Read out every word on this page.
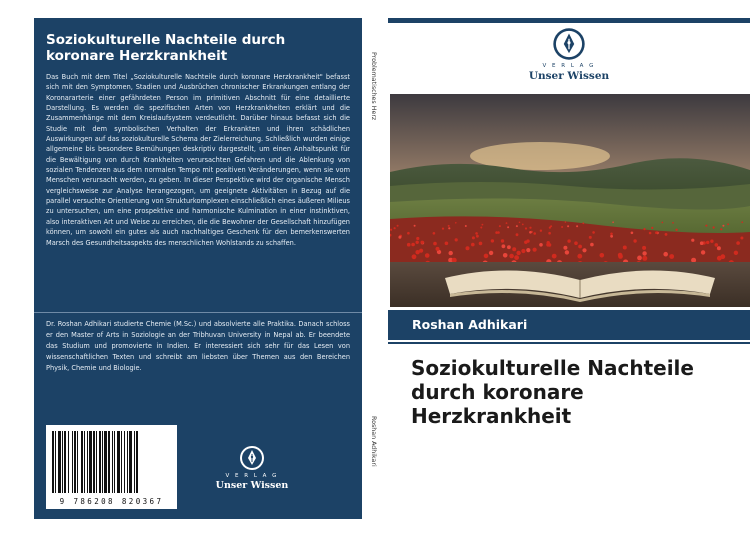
Soziokulturelle Nachteile durch koronare Herzkrankheit
Das Buch mit dem Titel „Soziokulturelle Nachteile durch koronare Herzkrankheit" befasst sich mit den Symptomen, Stadien und Ausbrüchen chronischer Erkrankungen entlang der Koronararterie einer gefährdeten Person im primitiven Abschnitt für eine detaillierte Darstellung. Es werden die spezifischen Arten von Herzkrankheiten erklärt und die Zusammenhänge mit dem Kreislaufsystem verdeutlicht. Darüber hinaus befasst sich die Studie mit dem symbolischen Verhalten der Erkrankten und ihren schädlichen Auswirkungen auf das soziokulturelle Schema der Zielerreichung. Schließlich wurden einige allgemeine bis besondere Bemühungen deskriptiv dargestellt, um einen Anhaltspunkt für die Bewältigung von durch Krankheiten verursachten Gefahren und die Ablenkung von sozialen Tendenzen aus dem normalen Tempo mit positiven Veränderungen, wenn sie vom Menschen verursacht werden, zu geben. In dieser Perspektive wird der organische Mensch vergleichsweise zur Analyse herangezogen, um geeignete Aktivitäten in Bezug auf die parallel versuchte Orientierung von Strukturkomplexen einschließlich eines äußeren Milieus zu untersuchen, um eine prospektive und harmonische Kulmination in einer instinktiven, also interaktiven Art und Weise zu erreichen, die die Bewohner der Gesellschaft hinzufügen können, um sowohl ein gutes als auch nachhaltiges Geschenk für den bemerkenswerten Marsch des Gesundheitsaspekts des menschlichen Wohlstands zu schaffen.
Dr. Roshan Adhikari studierte Chemie (M.Sc.) und absolvierte alle Praktika. Danach schloss er den Master of Arts in Soziologie an der Tribhuvan University in Nepal ab. Er beendete das Studium und promovierte in Indien. Er interessiert sich sehr für das Lesen von wissenschaftlichen Texten und schreibt am liebsten über Themen aus den Bereichen Physik, Chemie und Biologie.
9 786208 820367
V E R L A G
Unser Wissen
Problematisches Herz
Roshan Adhikari
V E R L A G
Unser Wissen
Roshan Adhikari
Soziokulturelle Nachteile durch koronare Herzkrankheit
